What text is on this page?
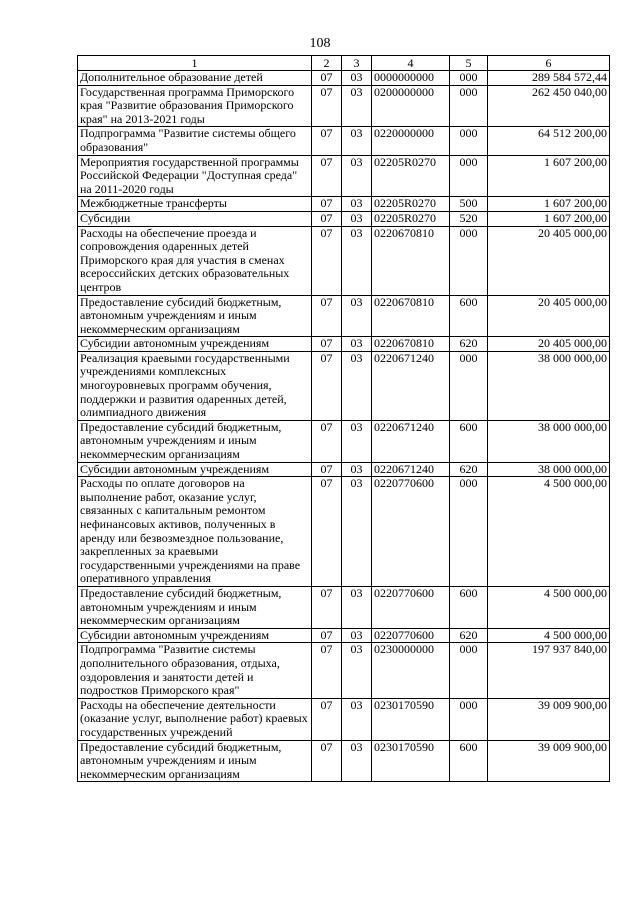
108
1	2	3	4	5	6
Дополнительное образование детей	07	03	0000000000	000	289 584 572,44
Государственная программа Приморского края "Развитие образования Приморского края" на 2013-2021 годы	07	03	0200000000	000	262 450 040,00
Подпрограмма "Развитие системы общего образования"	07	03	0220000000	000	64 512 200,00
Мероприятия государственной программы Российской Федерации "Доступная среда" на 2011-2020 годы	07	03	02205R0270	000	1 607 200,00
Межбюджетные трансферты	07	03	02205R0270	500	1 607 200,00
Субсидии	07	03	02205R0270	520	1 607 200,00
Расходы на обеспечение проезда и сопровождения одаренных детей Приморского края для участия в сменах всероссийских детских образовательных центров	07	03	0220670810	000	20 405 000,00
Предоставление субсидий бюджетным, автономным учреждениям и иным некоммерческим организациям	07	03	0220670810	600	20 405 000,00
Субсидии автономным учреждениям	07	03	0220670810	620	20 405 000,00
Реализация краевыми государственными учреждениями комплексных многоуровневых программ обучения, поддержки и развития одаренных детей, олимпиадного движения	07	03	0220671240	000	38 000 000,00
Предоставление субсидий бюджетным, автономным учреждениям и иным некоммерческим организациям	07	03	0220671240	600	38 000 000,00
Субсидии автономным учреждениям	07	03	0220671240	620	38 000 000,00
Расходы по оплате договоров на выполнение работ, оказание услуг, связанных с капитальным ремонтом нефинансовых активов, полученных в аренду или безвозмездное пользование, закрепленных за краевыми государственными учреждениями на праве оперативного управления	07	03	0220770600	000	4 500 000,00
Предоставление субсидий бюджетным, автономным учреждениям и иным некоммерческим организациям	07	03	0220770600	600	4 500 000,00
Субсидии автономным учреждениям	07	03	0220770600	620	4 500 000,00
Подпрограмма "Развитие системы дополнительного образования, отдыха, оздоровления и занятости детей и подростков Приморского края"	07	03	0230000000	000	197 937 840,00
Расходы на обеспечение деятельности (оказание услуг, выполнение работ) краевых государственных учреждений	07	03	0230170590	000	39 009 900,00
Предоставление субсидий бюджетным, автономным учреждениям и иным некоммерческим организациям	07	03	0230170590	600	39 009 900,00
